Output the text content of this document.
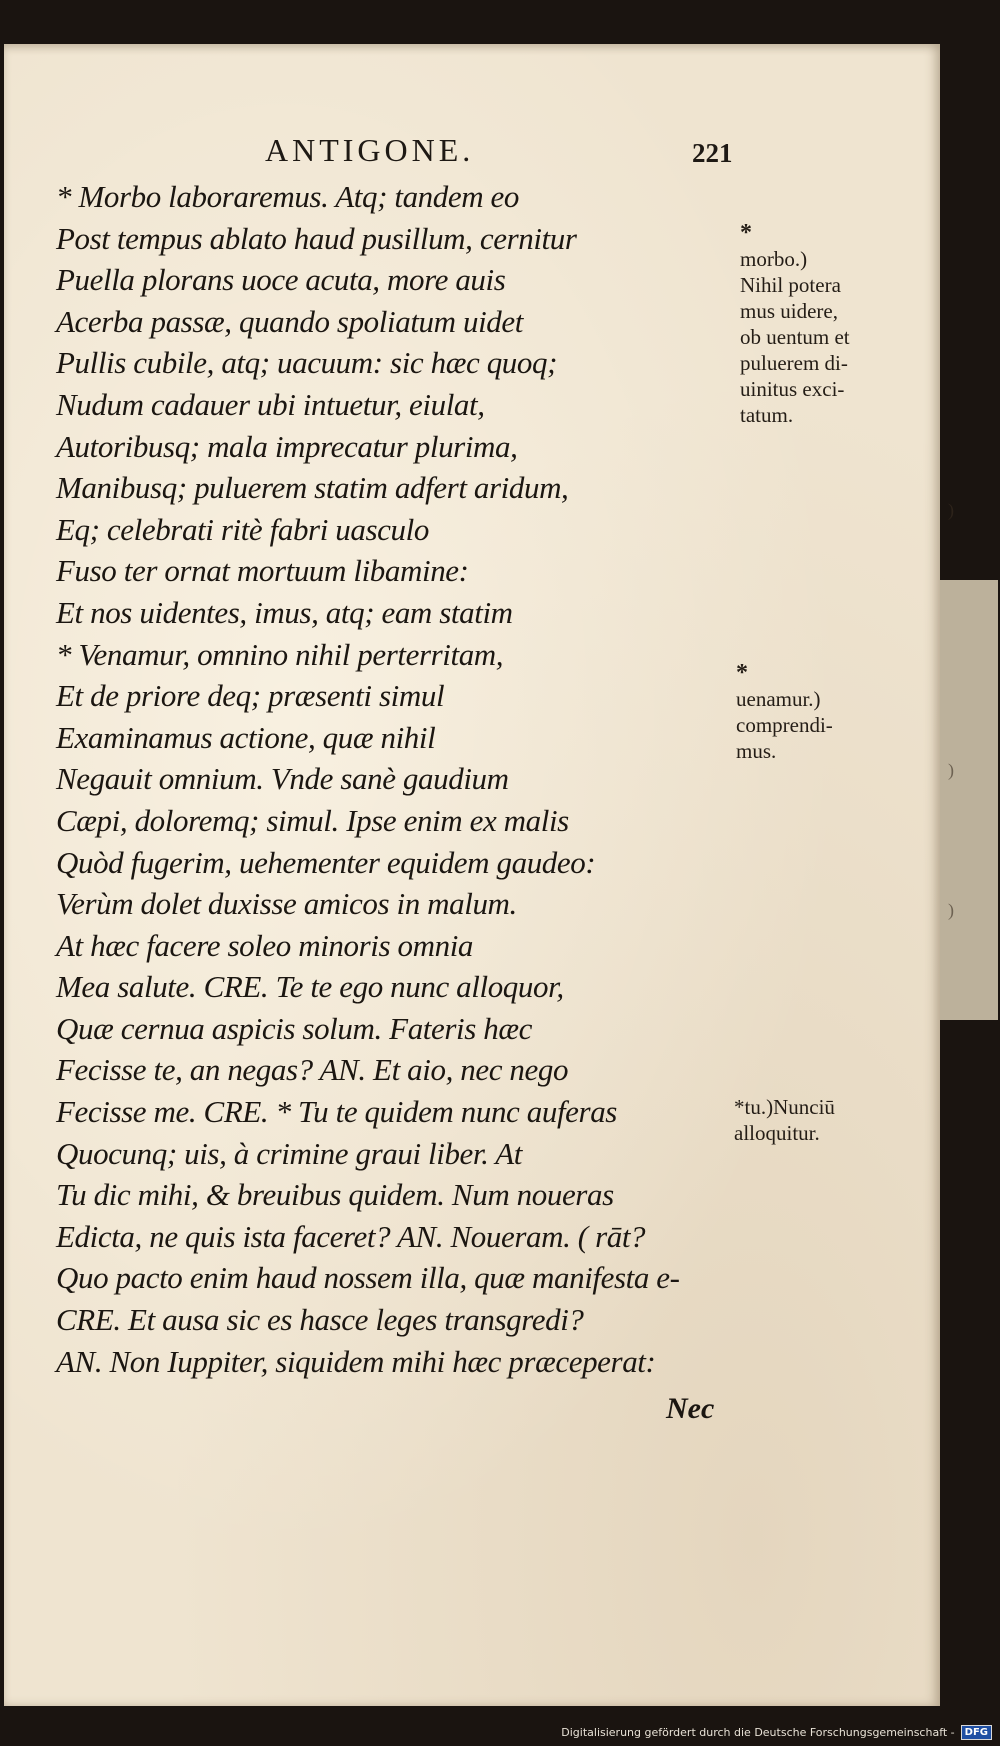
)
)
)
ANTIGONE.	221
* Morbo laboraremus. Atq; tandem eo
Post tempus ablato haud pusillum, cernitur
Puella plorans uoce acuta, more auis
Acerba passæ, quando spoliatum uidet
Pullis cubile, atq; uacuum: sic hæc quoq;
Nudum cadauer ubi intuetur, eiulat,
Autoribusq; mala imprecatur plurima,
Manibusq; puluerem statim adfert aridum,
Eq; celebrati ritè fabri uasculo
Fuso ter ornat mortuum libamine:
Et nos uidentes, imus, atq; eam statim
* Venamur, omnino nihil perterritam,
Et de priore deq; præsenti simul
Examinamus actione, quæ nihil
Negauit omnium. Vnde sanè gaudium
Cæpi, doloremq; simul. Ipse enim ex malis
Quòd fugerim, uehementer equidem gaudeo:
Verùm dolet duxisse amicos in malum.
At hæc facere soleo minoris omnia
Mea salute. CRE. Te te ego nunc alloquor,
Quæ cernua aspicis solum. Fateris hæc
Fecisse te, an negas? AN. Et aio, nec nego
Fecisse me. CRE. * Tu te quidem nunc auferas
Quocunq; uis, à crimine graui liber. At
Tu dic mihi, & breuibus quidem. Num noueras
Edicta, ne quis ista faceret? AN. Noueram. ( rāt?
Quo pacto enim haud nossem illa, quæ manifesta e-
CRE. Et ausa sic es hasce leges transgredi?
AN. Non Iuppiter, siquidem mihi hæc præceperat:
Nec
*
morbo.)
Nihil potera
mus uidere,
ob uentum et
puluerem di-
uinitus exci-
tatum.
*
uenamur.)
comprendi-
mus.
*tu.)Nunciū
alloquitur.
Digitalisierung gefördert durch die Deutsche Forschungsgemeinschaft -	DFG
